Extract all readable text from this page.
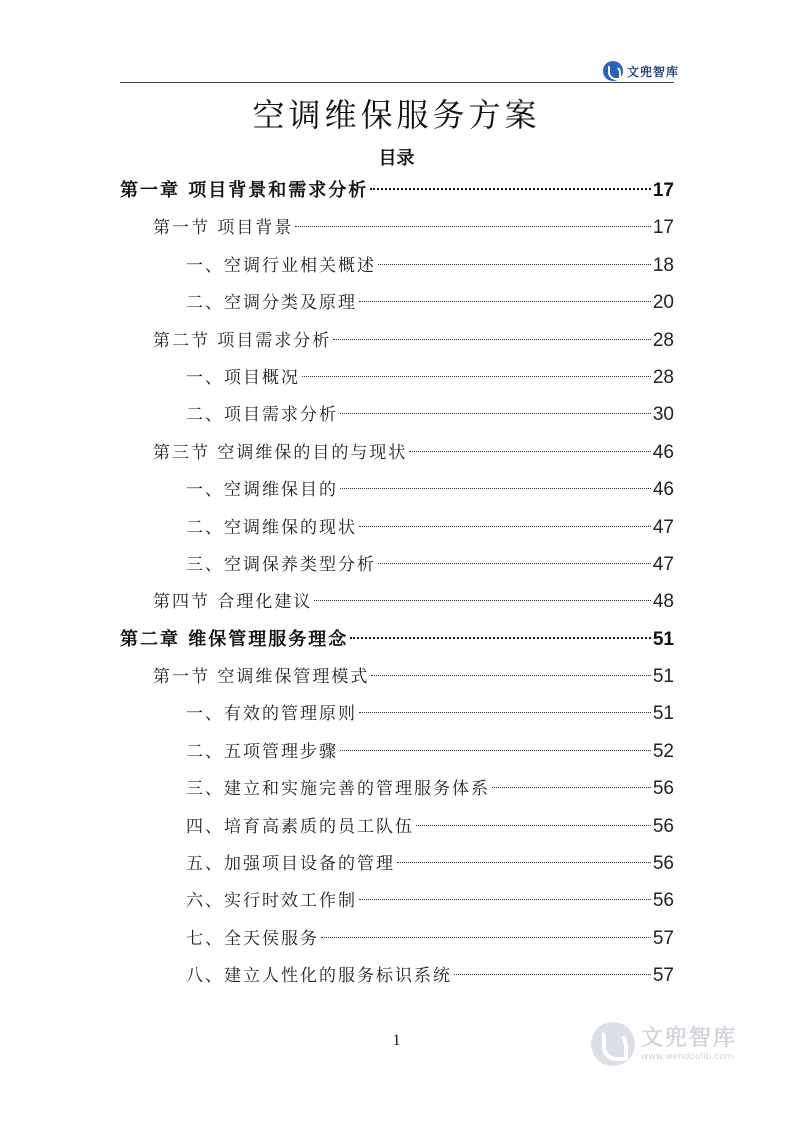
文兜智库
空调维保服务方案
目录
第一章 项目背景和需求分析	17
第一节 项目背景	17
一、空调行业相关概述	18
二、空调分类及原理	20
第二节 项目需求分析	28
一、项目概况	28
二、项目需求分析	30
第三节 空调维保的目的与现状	46
一、空调维保目的	46
二、空调维保的现状	47
三、空调保养类型分析	47
第四节 合理化建议	48
第二章 维保管理服务理念	51
第一节 空调维保管理模式	51
一、有效的管理原则	51
二、五项管理步骤	52
三、建立和实施完善的管理服务体系	56
四、培育高素质的员工队伍	56
五、加强项目设备的管理	56
六、实行时效工作制	56
七、全天侯服务	57
八、建立人性化的服务标识系统	57
1	文兜智库
www.wendoulib.com
